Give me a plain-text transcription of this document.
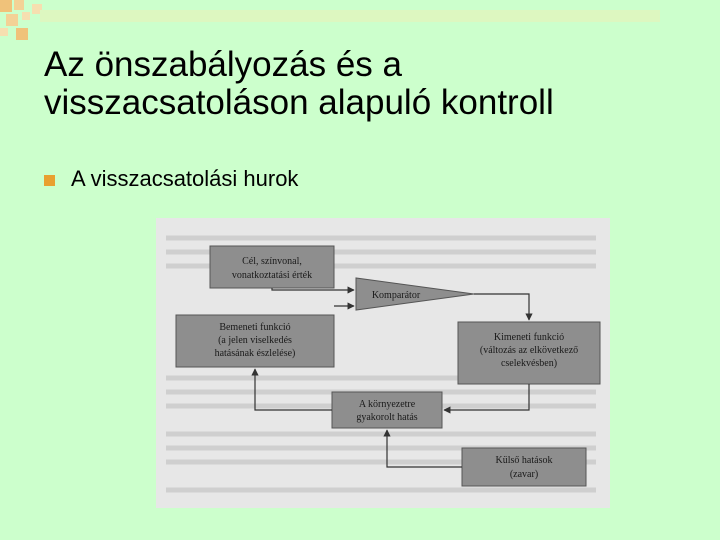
Az önszabályozás és a
visszacsatoláson alapuló kontroll
A visszacsatolási hurok
Cél, színvonal,
vonatkoztatási érték
Komparátor
Bemeneti funkció
(a jelen viselkedés
hatásának észlelése)
Kimeneti funkció
(változás az elkövetkező
cselekvésben)
A környezetre
gyakorolt hatás
Külső hatások
(zavar)
